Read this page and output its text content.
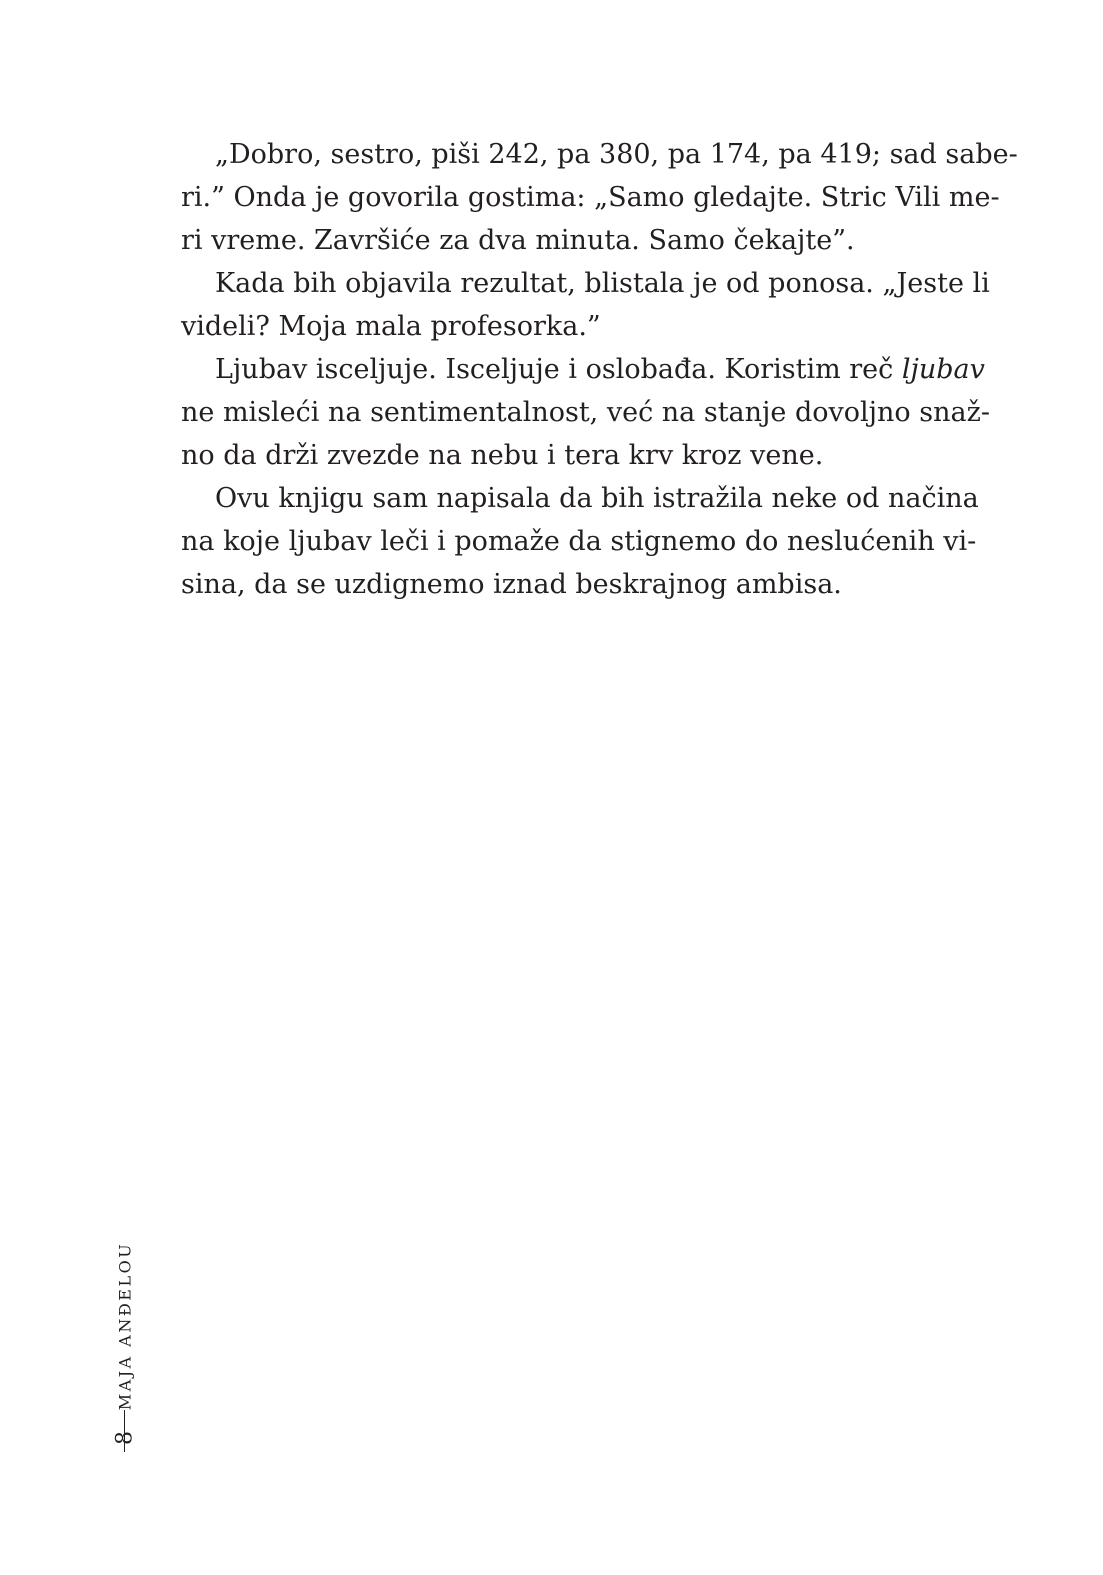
„Dobro, sestro, piši 242, pa 380, pa 174, pa 419; sad sabe-
ri.” Onda je govorila gostima: „Samo gledajte. Stric Vili me-
ri vreme. Završiće za dva minuta. Samo čekajte”.
Kada bih objavila rezultat, blistala je od ponosa. „Jeste li
videli? Moja mala profesorka.”
Ljubav isceljuje. Isceljuje i oslobađa. Koristim reč ljubav
ne misleći na sentimentalnost, već na stanje dovoljno snaž-
no da drži zvezde na nebu i tera krv kroz vene.
Ovu knjigu sam napisala da bih istražila neke od načina
na koje ljubav leči i pomaže da stignemo do neslućenih vi-
sina, da se uzdignemo iznad beskrajnog ambisa.
MAJA ANĐELOU
8
